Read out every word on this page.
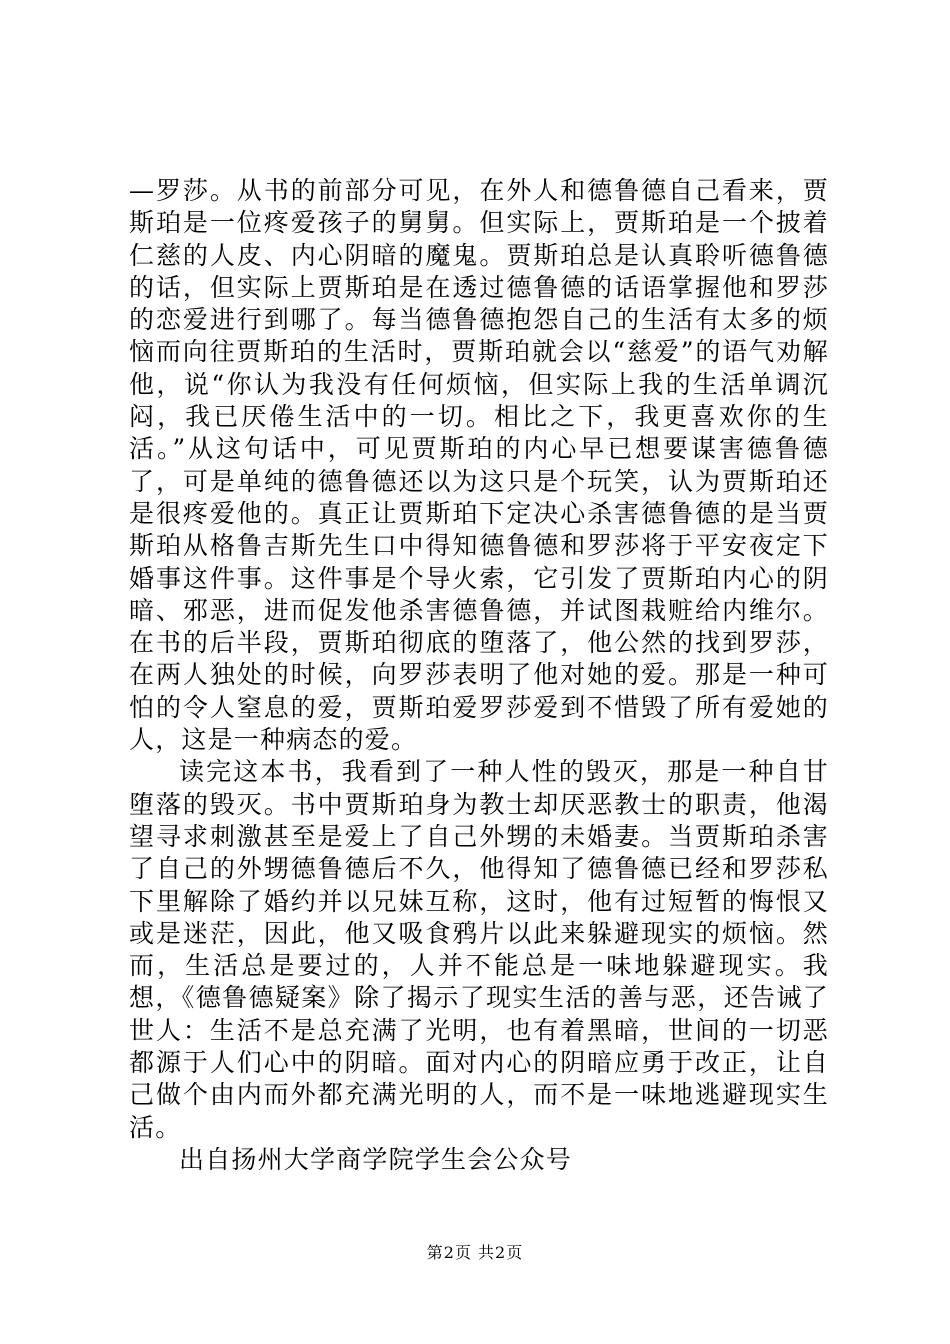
—罗莎。从书的前部分可见，在外人和德鲁德自己看来，贾斯珀是一位疼爱孩子的舅舅。但实际上，贾斯珀是一个披着仁慈的人皮、内心阴暗的魔鬼。贾斯珀总是认真聆听德鲁德的话，但实际上贾斯珀是在透过德鲁德的话语掌握他和罗莎的恋爱进行到哪了。每当德鲁德抱怨自己的生活有太多的烦恼而向往贾斯珀的生活时，贾斯珀就会以“慈爱”的语气劝解他，说“你认为我没有任何烦恼，但实际上我的生活单调沉闷，我已厌倦生活中的一切。相比之下，我更喜欢你的生活。”从这句话中，可见贾斯珀的内心早已想要谋害德鲁德了，可是单纯的德鲁德还以为这只是个玩笑，认为贾斯珀还是很疼爱他的。真正让贾斯珀下定决心杀害德鲁德的是当贾斯珀从格鲁吉斯先生口中得知德鲁德和罗莎将于平安夜定下婚事这件事。这件事是个导火索，它引发了贾斯珀内心的阴暗、邪恶，进而促发他杀害德鲁德，并试图栽赃给内维尔。在书的后半段，贾斯珀彻底的堕落了，他公然的找到罗莎，在两人独处的时候，向罗莎表明了他对她的爱。那是一种可怕的令人窒息的爱，贾斯珀爱罗莎爱到不惜毁了所有爱她的人，这是一种病态的爱。

读完这本书，我看到了一种人性的毁灭，那是一种自甘堕落的毁灭。书中贾斯珀身为教士却厌恶教士的职责，他渴望寻求刺激甚至是爱上了自己外甥的未婚妻。当贾斯珀杀害了自己的外甥德鲁德后不久，他得知了德鲁德已经和罗莎私下里解除了婚约并以兄妹互称，这时，他有过短暂的悔恨又或是迷茫，因此，他又吸食鸦片以此来躲避现实的烦恼。然而，生活总是要过的，人并不能总是一味地躲避现实。我想，《德鲁德疑案》除了揭示了现实生活的善与恶，还告诫了世人：生活不是总充满了光明，也有着黑暗，世间的一切恶都源于人们心中的阴暗。面对内心的阴暗应勇于改正，让自己做个由内而外都充满光明的人，而不是一味地逃避现实生活。

出自扬州大学商学院学生会公众号

第2页 共2页
